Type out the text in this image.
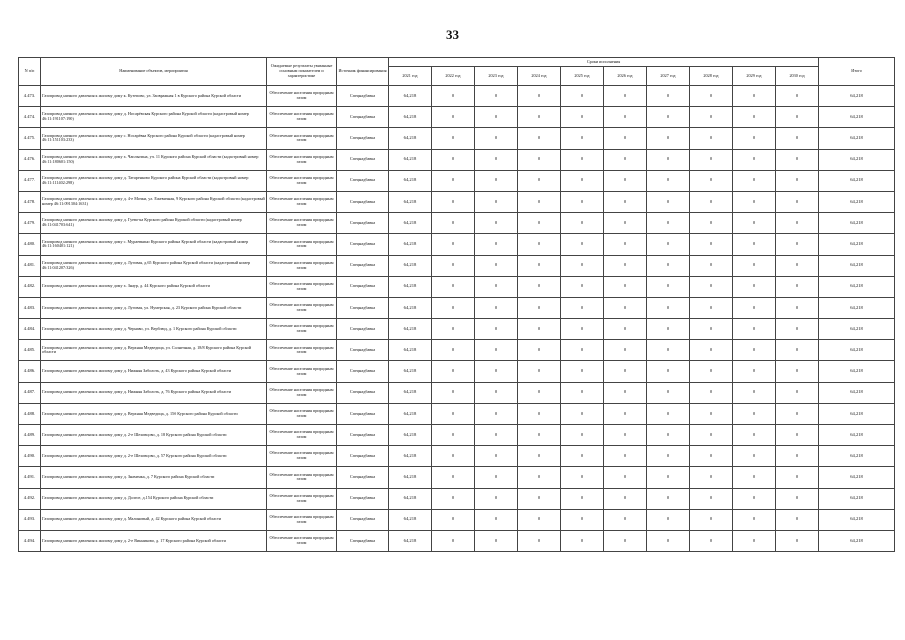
33
N п/п	Наименование объектов, мероприятия	Ожидаемые результаты увязанные основным показателем и характеристике	Источник финансирования	Сроки исполнения										Итого
				2021 год	2022 год	2023 год	2024 год	2025 год	2026 год	2027 год	2028 год	2029 год	2030 год	
4.473.	Газопровод низкого давления к жилому дому к. Кутепово, ул. Заовражная 1 в Курского района Курской области	Обеспечение населения природным газом	Спецнадбавка	64,218	0	0	0	0	0	0	0	0	0	64,218
4.474.	Газопровод низкого давления к жилому дому д. Носарёвская Курского района Курской области (кадастровый номер 46:11:191107:190)	Обеспечение населения природным газом	Спецнадбавка	64,218	0	0	0	0	0	0	0	0	0	64,218
4.475.	Газопровод низкого давления к жилому дому с. Носарёвка Курского района Курской области (кадастровый номер 46:11:151103:233)	Обеспечение населения природным газом	Спецнадбавка	64,218	0	0	0	0	0	0	0	0	0	64,218
4.476.	Газопровод низкого давления к жилому дому х. Чаплыгина, уч. 11 Курского района Курской области (кадастровый номер 46:11:180601:150)	Обеспечение населения природным газом	Спецнадбавка	64,218	0	0	0	0	0	0	0	0	0	64,218
4.477.	Газопровод низкого давления к жилому дому д. Татаренково Курского района Курской области (кадастровый номер 46:11:111402:298)	Обеспечение населения природным газом	Спецнадбавка	64,218	0	0	0	0	0	0	0	0	0	64,218
4.478.	Газопровод низкого давления к жилому дому д. 4-е Мочки, ул. Ежевичная, 9 Курского района Курской области (кадастровый номер 46:11:091304:1631)	Обеспечение населения природным газом	Спецнадбавка	64,218	0	0	0	0	0	0	0	0	0	64,218
4.479.	Газопровод низкого давления к жилому дому д. Гуево-ка Курского района Курской области (кадастровый номер 46:11:041703:641)	Обеспечение населения природным газом	Спецнадбавка	64,218	0	0	0	0	0	0	0	0	0	64,218
4.480.	Газопровод низкого давления к жилому дому с. Мураевкино Курского района Курской области (кадастровый номер 46:11:160401:121)	Обеспечение населения природным газом	Спецнадбавка	64,218	0	0	0	0	0	0	0	0	0	64,218
4.481.	Газопровод низкого давления к жилому дому д. Луговая, д.65 Курского района Курской области (кадастровый номер 46:11:041207:326)	Обеспечение населения природным газом	Спецнадбавка	64,218	0	0	0	0	0	0	0	0	0	64,218
4.482.	Газопровод низкого давления к жилому дому х. Знаур, д. 44 Курского района Курской области	Обеспечение населения природным газом	Спецнадбавка	64,218	0	0	0	0	0	0	0	0	0	64,218
4.483.	Газопровод низкого давления к жилому дому д. Луговая, ул. Нумерская, д. 23 Курского района Курской области	Обеспечение населения природным газом	Спецнадбавка	64,218	0	0	0	0	0	0	0	0	0	64,218
4.484.	Газопровод низкого давления к жилому дому д. Чернаво, ул. Верблюд, д. 1 Курского района Курской области	Обеспечение населения природным газом	Спецнадбавка	64,218	0	0	0	0	0	0	0	0	0	64,218
4.485.	Газопровод низкого давления к жилому дому д. Верхняя Медведица, ул. Солнечная, д. 18/8 Курского района Курской области	Обеспечение населения природным газом	Спецнадбавка	64,218	0	0	0	0	0	0	0	0	0	64,218
4.486.	Газопровод низкого давления к жилому дому д. Нижняя Заболоть, д. 43 Курского района Курской области	Обеспечение населения природным газом	Спецнадбавка	64,218	0	0	0	0	0	0	0	0	0	64,218
4.487.	Газопровод низкого давления к жилому дому д. Нижняя Заболоть, д. 76 Курского района Курской области	Обеспечение населения природным газом	Спецнадбавка	64,218	0	0	0	0	0	0	0	0	0	64,218
4.488.	Газопровод низкого давления к жилому дому д. Верхняя Медведица, д. 15б Курского района Курской области	Обеспечение населения природным газом	Спецнадбавка	64,218	0	0	0	0	0	0	0	0	0	64,218
4.489.	Газопровод низкого давления к жилому дому д. 2-е Шеховцово, д. 18 Курского района Курской области	Обеспечение населения природным газом	Спецнадбавка	64,218	0	0	0	0	0	0	0	0	0	64,218
4.490.	Газопровод низкого давления к жилому дому д. 2-е Шеховцово, д. 57 Курского района Курской области	Обеспечение населения природным газом	Спецнадбавка	64,218	0	0	0	0	0	0	0	0	0	64,218
4.491.	Газопровод низкого давления к жилому дому д. Знаменка, д. 7 Курского района Курской области	Обеспечение населения природным газом	Спецнадбавка	64,218	0	0	0	0	0	0	0	0	0	64,218
4.492.	Газопровод низкого давления к жилому дому д. Долгое, д.154 Курского района Курской области	Обеспечение населения природным газом	Спецнадбавка	64,218	0	0	0	0	0	0	0	0	0	64,218
4.493.	Газопровод низкого давления к жилому дому д. Малиновый, д. 42 Курского района Курской области	Обеспечение населения природным газом	Спецнадбавка	64,218	0	0	0	0	0	0	0	0	0	64,218
4.494.	Газопровод низкого давления к жилому дому д. 2-е Винниково, д. 17 Курского района Курской области	Обеспечение населения природным газом	Спецнадбавка	64,218	0	0	0	0	0	0	0	0	0	64,218
